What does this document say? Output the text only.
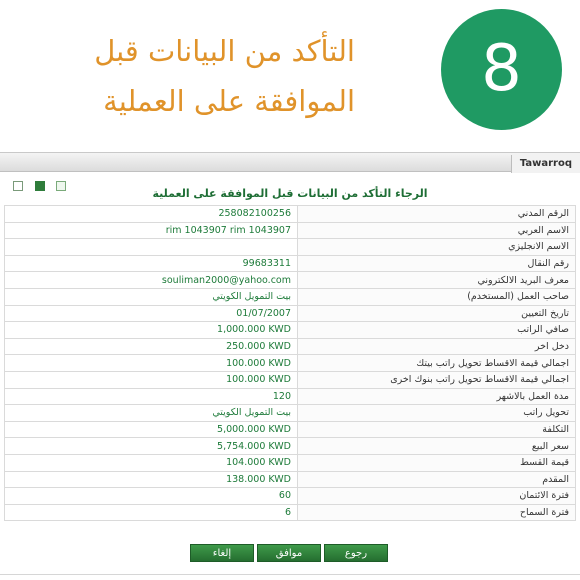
التأكد من البيانات قبل
الموافقة على العملية	8
Tawarroq
الرجاء التأكد من البيانات قبل الموافقة على العملية
258082100256	الرقم المدني
rim 1043907 rim 1043907	الاسم العربي
	الاسم الانجليزي
99683311	رقم النقال
souliman2000@yahoo.com	معرف البريد الالكتروني
بيت التمويل الكويتي	صاحب العمل (المستخدم)
01/07/2007	تاريخ التعيين
1,000.000 KWD	صافي الراتب
250.000 KWD	دخل اخر
100.000 KWD	اجمالي قيمة الاقساط تحويل راتب بيتك
100.000 KWD	اجمالي قيمة الاقساط تحويل راتب بنوك اخرى
120	مدة العمل بالاشهر
بيت التمويل الكويتي	تحويل راتب
5,000.000 KWD	التكلفة
5,754.000 KWD	سعر البيع
104.000 KWD	قيمة القسط
138.000 KWD	المقدم
60	فترة الائتمان
6	فترة السماح
إلغاء	موافق	رجوع
